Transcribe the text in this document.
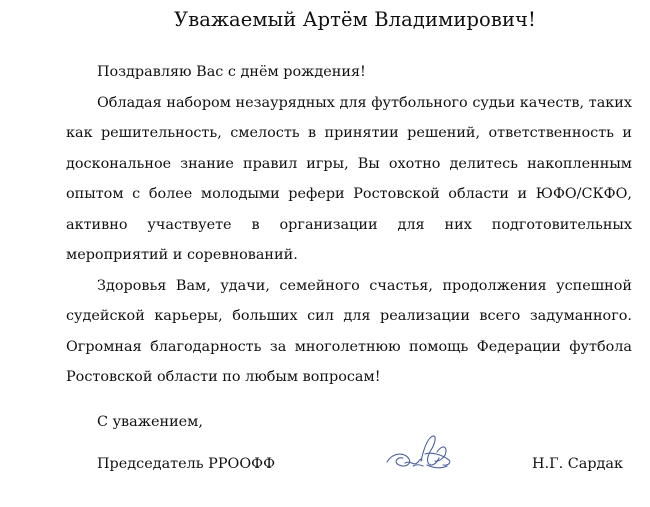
Уважаемый Артём Владимирович!

Поздравляю Вас с днём рождения!

Обладая набором незаурядных для футбольного судьи качеств, таких как решительность, смелость в принятии решений, ответственность и доскональное знание правил игры, Вы охотно делитесь накопленным опытом с более молодыми рефери Ростовской области и ЮФО/СКФО, активно участвуете в организации для них подготовительных мероприятий и соревнований.

Здоровья Вам, удачи, семейного счастья, продолжения успешной судейской карьеры, больших сил для реализации всего задуманного. Огромная благодарность за многолетнюю помощь Федерации футбола Ростовской области по любым вопросам!

С уважением,
Председатель РРООФФ	Н.Г. Сардак
